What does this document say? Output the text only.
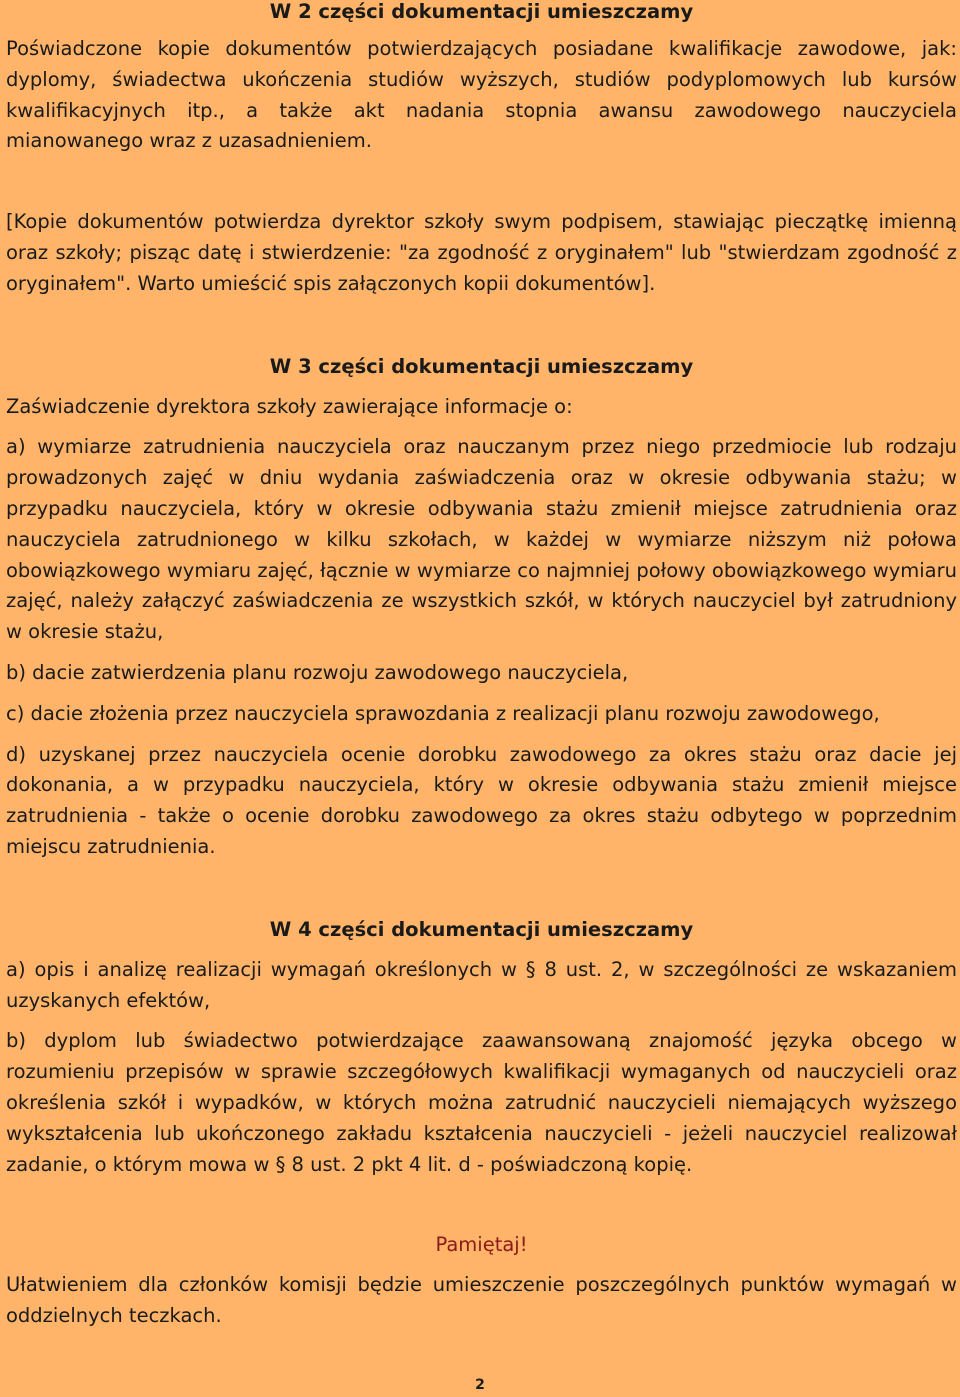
W 2 części dokumentacji umieszczamy

Poświadczone kopie dokumentów potwierdzających posiadane kwalifikacje zawodowe, jak: dyplomy, świadectwa ukończenia studiów wyższych, studiów podyplomowych lub kursów kwalifikacyjnych itp., a także akt nadania stopnia awansu zawodowego nauczyciela mianowanego wraz z uzasadnieniem.

[Kopie dokumentów potwierdza dyrektor szkoły swym podpisem, stawiając pieczątkę imienną oraz szkoły; pisząc datę i stwierdzenie: "za zgodność z oryginałem" lub "stwierdzam zgodność z oryginałem". Warto umieścić spis załączonych kopii dokumentów].

W 3 części dokumentacji umieszczamy

Zaświadczenie dyrektora szkoły zawierające informacje o:

a) wymiarze zatrudnienia nauczyciela oraz nauczanym przez niego przedmiocie lub rodzaju prowadzonych zajęć w dniu wydania zaświadczenia oraz w okresie odbywania stażu; w przypadku nauczyciela, który w okresie odbywania stażu zmienił miejsce zatrudnienia oraz nauczyciela zatrudnionego w kilku szkołach, w każdej w wymiarze niższym niż połowa obowiązkowego wymiaru zajęć, łącznie w wymiarze co najmniej połowy obowiązkowego wymiaru zajęć, należy załączyć zaświadczenia ze wszystkich szkół, w których nauczyciel był zatrudniony w okresie stażu,

b) dacie zatwierdzenia planu rozwoju zawodowego nauczyciela,

c) dacie złożenia przez nauczyciela sprawozdania z realizacji planu rozwoju zawodowego,

d) uzyskanej przez nauczyciela ocenie dorobku zawodowego za okres stażu oraz dacie jej dokonania, a w przypadku nauczyciela, który w okresie odbywania stażu zmienił miejsce zatrudnienia - także o ocenie dorobku zawodowego za okres stażu odbytego w poprzednim miejscu zatrudnienia.

W 4 części dokumentacji umieszczamy

a) opis i analizę realizacji wymagań określonych w § 8 ust. 2, w szczególności ze wskazaniem uzyskanych efektów,

b) dyplom lub świadectwo potwierdzające zaawansowaną znajomość języka obcego w rozumieniu przepisów w sprawie szczegółowych kwalifikacji wymaganych od nauczycieli oraz określenia szkół i wypadków, w których można zatrudnić nauczycieli niemających wyższego wykształcenia lub ukończonego zakładu kształcenia nauczycieli - jeżeli nauczyciel realizował zadanie, o którym mowa w § 8 ust. 2 pkt 4 lit. d - poświadczoną kopię.

Pamiętaj!

Ułatwieniem dla członków komisji będzie umieszczenie poszczególnych punktów wymagań w oddzielnych teczkach.

2
